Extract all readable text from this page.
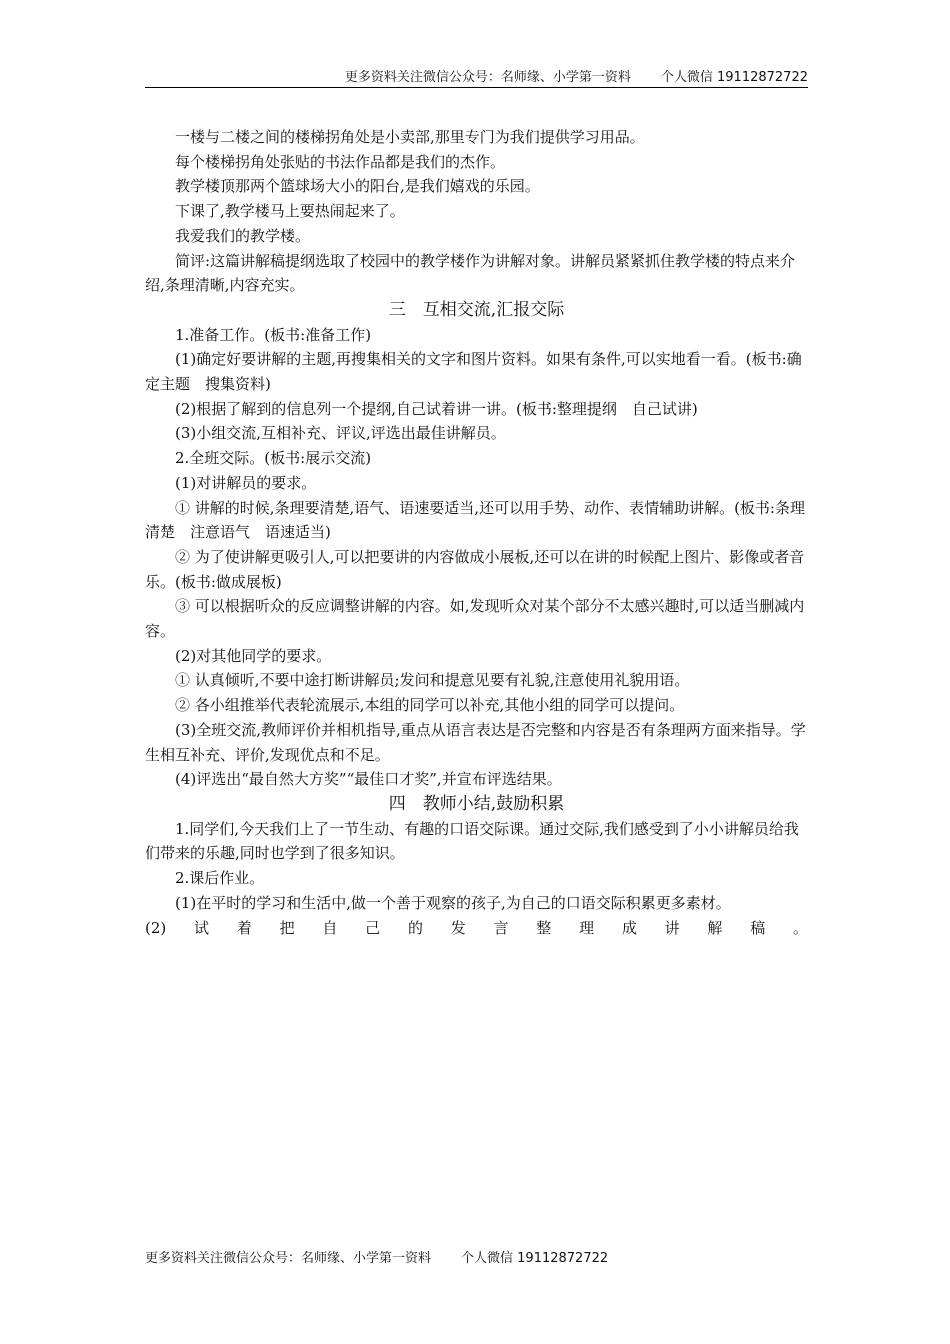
更多资料关注微信公众号：名师缘、小学第一资料 个人微信 19112872722

一楼与二楼之间的楼梯拐角处是小卖部,那里专门为我们提供学习用品。

每个楼梯拐角处张贴的书法作品都是我们的杰作。

教学楼顶那两个篮球场大小的阳台,是我们嬉戏的乐园。

下课了,教学楼马上要热闹起来了。

我爱我们的教学楼。

简评:这篇讲解稿提纲选取了校园中的教学楼作为讲解对象。讲解员紧紧抓住教学楼的特点来介绍,条理清晰,内容充实。

三　互相交流,汇报交际

1.准备工作。(板书:准备工作)

(1)确定好要讲解的主题,再搜集相关的文字和图片资料。如果有条件,可以实地看一看。(板书:确定主题　搜集资料)

(2)根据了解到的信息列一个提纲,自己试着讲一讲。(板书:整理提纲　自己试讲)

(3)小组交流,互相补充、评议,评选出最佳讲解员。

2.全班交际。(板书:展示交流)

(1)对讲解员的要求。

① 讲解的时候,条理要清楚,语气、语速要适当,还可以用手势、动作、表情辅助讲解。(板书:条理清楚　注意语气　语速适当)

② 为了使讲解更吸引人,可以把要讲的内容做成小展板,还可以在讲的时候配上图片、影像或者音乐。(板书:做成展板)

③ 可以根据听众的反应调整讲解的内容。如,发现听众对某个部分不太感兴趣时,可以适当删减内容。

(2)对其他同学的要求。

① 认真倾听,不要中途打断讲解员;发问和提意见要有礼貌,注意使用礼貌用语。

② 各小组推举代表轮流展示,本组的同学可以补充,其他小组的同学可以提问。

(3)全班交流,教师评价并相机指导,重点从语言表达是否完整和内容是否有条理两方面来指导。学生相互补充、评价,发现优点和不足。

(4)评选出“最自然大方奖”“最佳口才奖”,并宣布评选结果。

四　教师小结,鼓励积累

1.同学们,今天我们上了一节生动、有趣的口语交际课。通过交际,我们感受到了小小讲解员给我们带来的乐趣,同时也学到了很多知识。

2.课后作业。

(1)在平时的学习和生活中,做一个善于观察的孩子,为自己的口语交际积累更多素材。

(2)试着把自己的发言整理成讲解稿。

更多资料关注微信公众号：名师缘、小学第一资料 个人微信 19112872722
